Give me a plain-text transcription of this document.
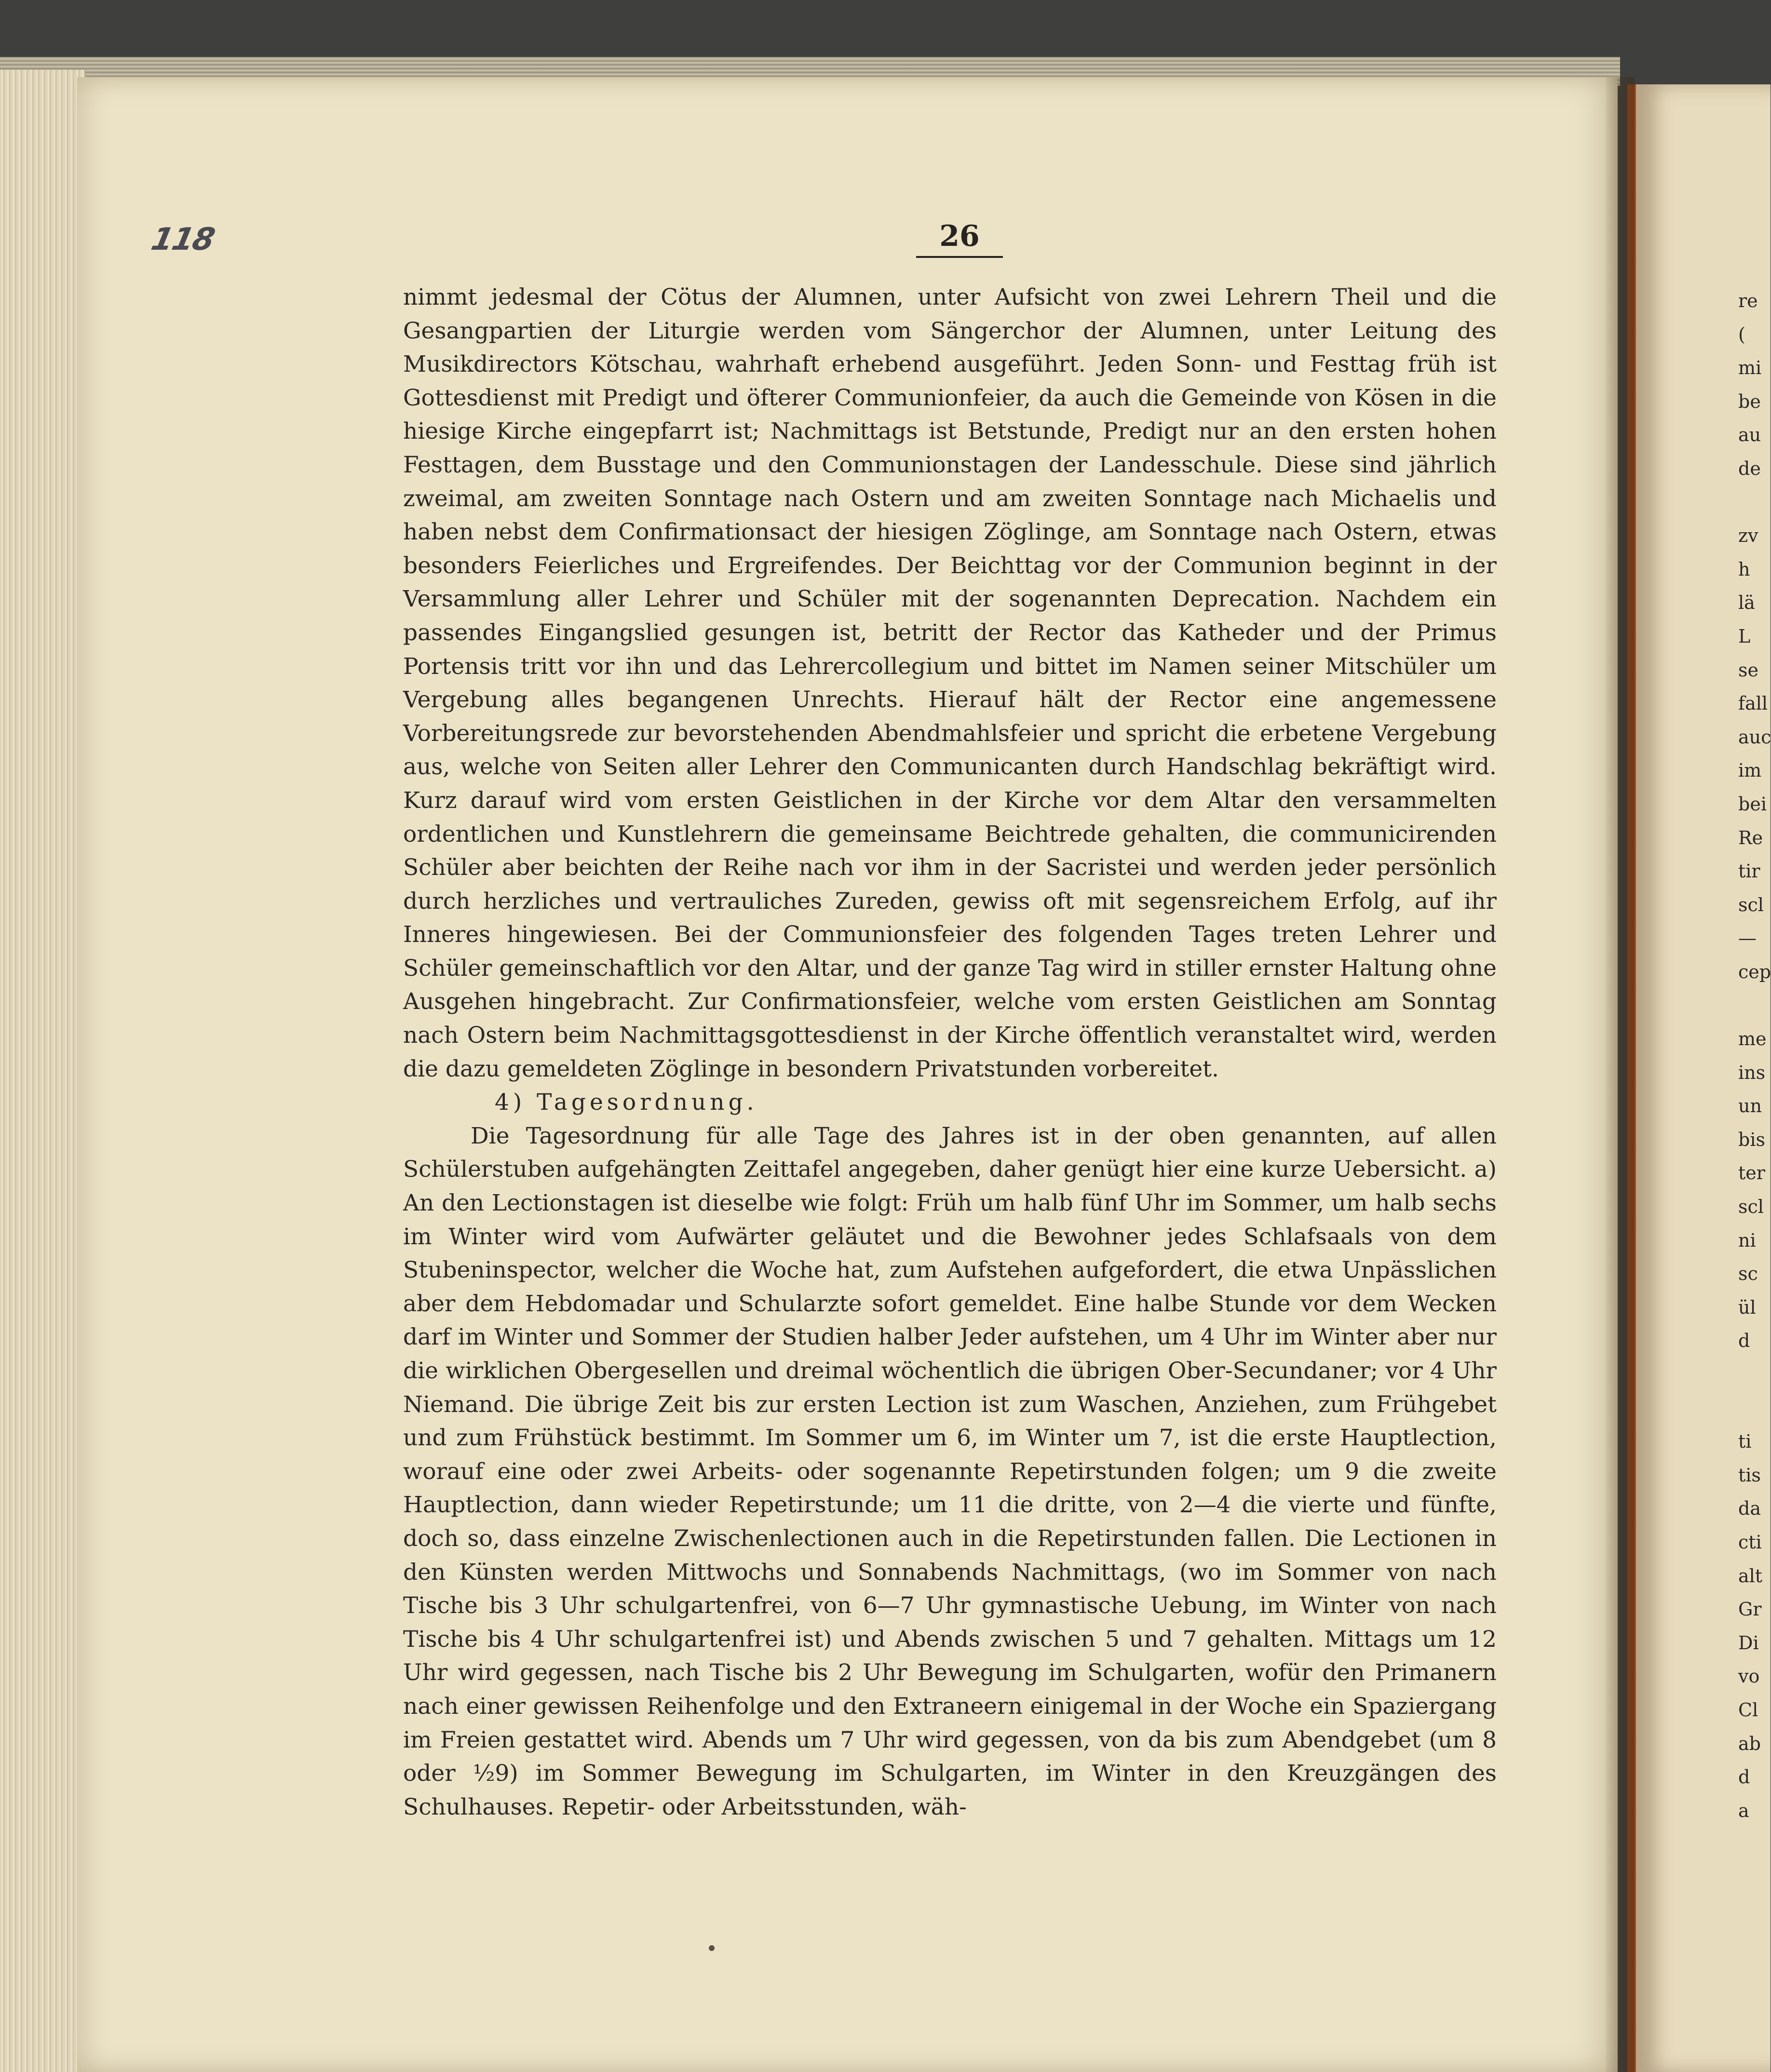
118	26

nimmt jedesmal der Cötus der Alumnen, unter Aufsicht von zwei Lehrern Theil und die Gesangpartien der Liturgie werden vom Sängerchor der Alumnen, unter Leitung des Musikdirectors Kötschau, wahrhaft erhebend ausgeführt. Jeden Sonn- und Festtag früh ist Gottesdienst mit Predigt und öfterer Communionfeier, da auch die Gemeinde von Kösen in die hiesige Kirche eingepfarrt ist; Nachmittags ist Betstunde, Predigt nur an den ersten hohen Festtagen, dem Busstage und den Communionstagen der Landesschule. Diese sind jährlich zweimal, am zweiten Sonntage nach Ostern und am zweiten Sonntage nach Michaelis und haben nebst dem Confirmationsact der hiesigen Zöglinge, am Sonntage nach Ostern, etwas besonders Feierliches und Ergreifendes. Der Beichttag vor der Communion beginnt in der Versammlung aller Lehrer und Schüler mit der sogenannten Deprecation. Nachdem ein passendes Eingangslied gesungen ist, betritt der Rector das Katheder und der Primus Portensis tritt vor ihn und das Lehrercollegium und bittet im Namen seiner Mitschüler um Vergebung alles begangenen Unrechts. Hierauf hält der Rector eine angemessene Vorbereitungsrede zur bevorstehenden Abendmahlsfeier und spricht die erbetene Vergebung aus, welche von Seiten aller Lehrer den Communicanten durch Handschlag bekräftigt wird. Kurz darauf wird vom ersten Geistlichen in der Kirche vor dem Altar den versammelten ordentlichen und Kunstlehrern die gemeinsame Beichtrede gehalten, die communicirenden Schüler aber beichten der Reihe nach vor ihm in der Sacristei und werden jeder persönlich durch herzliches und vertrauliches Zureden, gewiss oft mit segensreichem Erfolg, auf ihr Inneres hingewiesen. Bei der Communionsfeier des folgenden Tages treten Lehrer und Schüler gemeinschaftlich vor den Altar, und der ganze Tag wird in stiller ernster Haltung ohne Ausgehen hingebracht. Zur Confirmationsfeier, welche vom ersten Geistlichen am Sonntag nach Ostern beim Nachmittagsgottesdienst in der Kirche öffentlich veranstaltet wird, werden die dazu gemeldeten Zöglinge in besondern Privatstunden vorbereitet.

4) Tagesordnung.

Die Tagesordnung für alle Tage des Jahres ist in der oben genannten, auf allen Schülerstuben aufgehängten Zeittafel angegeben, daher genügt hier eine kurze Uebersicht. a) An den Lectionstagen ist dieselbe wie folgt: Früh um halb fünf Uhr im Sommer, um halb sechs im Winter wird vom Aufwärter geläutet und die Bewohner jedes Schlafsaals von dem Stubeninspector, welcher die Woche hat, zum Aufstehen aufgefordert, die etwa Unpässlichen aber dem Hebdomadar und Schularzte sofort gemeldet. Eine halbe Stunde vor dem Wecken darf im Winter und Sommer der Studien halber Jeder aufstehen, um 4 Uhr im Winter aber nur die wirklichen Obergesellen und dreimal wöchentlich die übrigen Ober-Secundaner; vor 4 Uhr Niemand. Die übrige Zeit bis zur ersten Lection ist zum Waschen, Anziehen, zum Frühgebet und zum Frühstück bestimmt. Im Sommer um 6, im Winter um 7, ist die erste Hauptlection, worauf eine oder zwei Arbeits- oder sogenannte Repetirstunden folgen; um 9 die zweite Hauptlection, dann wieder Repetirstunde; um 11 die dritte, von 2—4 die vierte und fünfte, doch so, dass einzelne Zwischenlectionen auch in die Repetirstunden fallen. Die Lectionen in den Künsten werden Mittwochs und Sonnabends Nachmittags, (wo im Sommer von nach Tische bis 3 Uhr schulgartenfrei, von 6—7 Uhr gymnastische Uebung, im Winter von nach Tische bis 4 Uhr schulgartenfrei ist) und Abends zwischen 5 und 7 gehalten. Mittags um 12 Uhr wird gegessen, nach Tische bis 2 Uhr Bewegung im Schulgarten, wofür den Primanern nach einer gewissen Reihenfolge und den Extraneern einigemal in der Woche ein Spaziergang im Freien gestattet wird. Abends um 7 Uhr wird gegessen, von da bis zum Abendgebet (um 8 oder ½9) im Sommer Bewegung im Schulgarten, im Winter in den Kreuzgängen des Schulhauses. Repetir- oder Arbeitsstunden, wäh-

re
(
mi
be
au
de

zv
h
lä
L
se
fall
auc
im
bei
Re
tir
scl
—
cep

me
ins
un
bis
ter
scl
ni
sc
ül
d

ti
tis
da
cti
alt
Gr
Di
vo
Cl
ab
d
a
